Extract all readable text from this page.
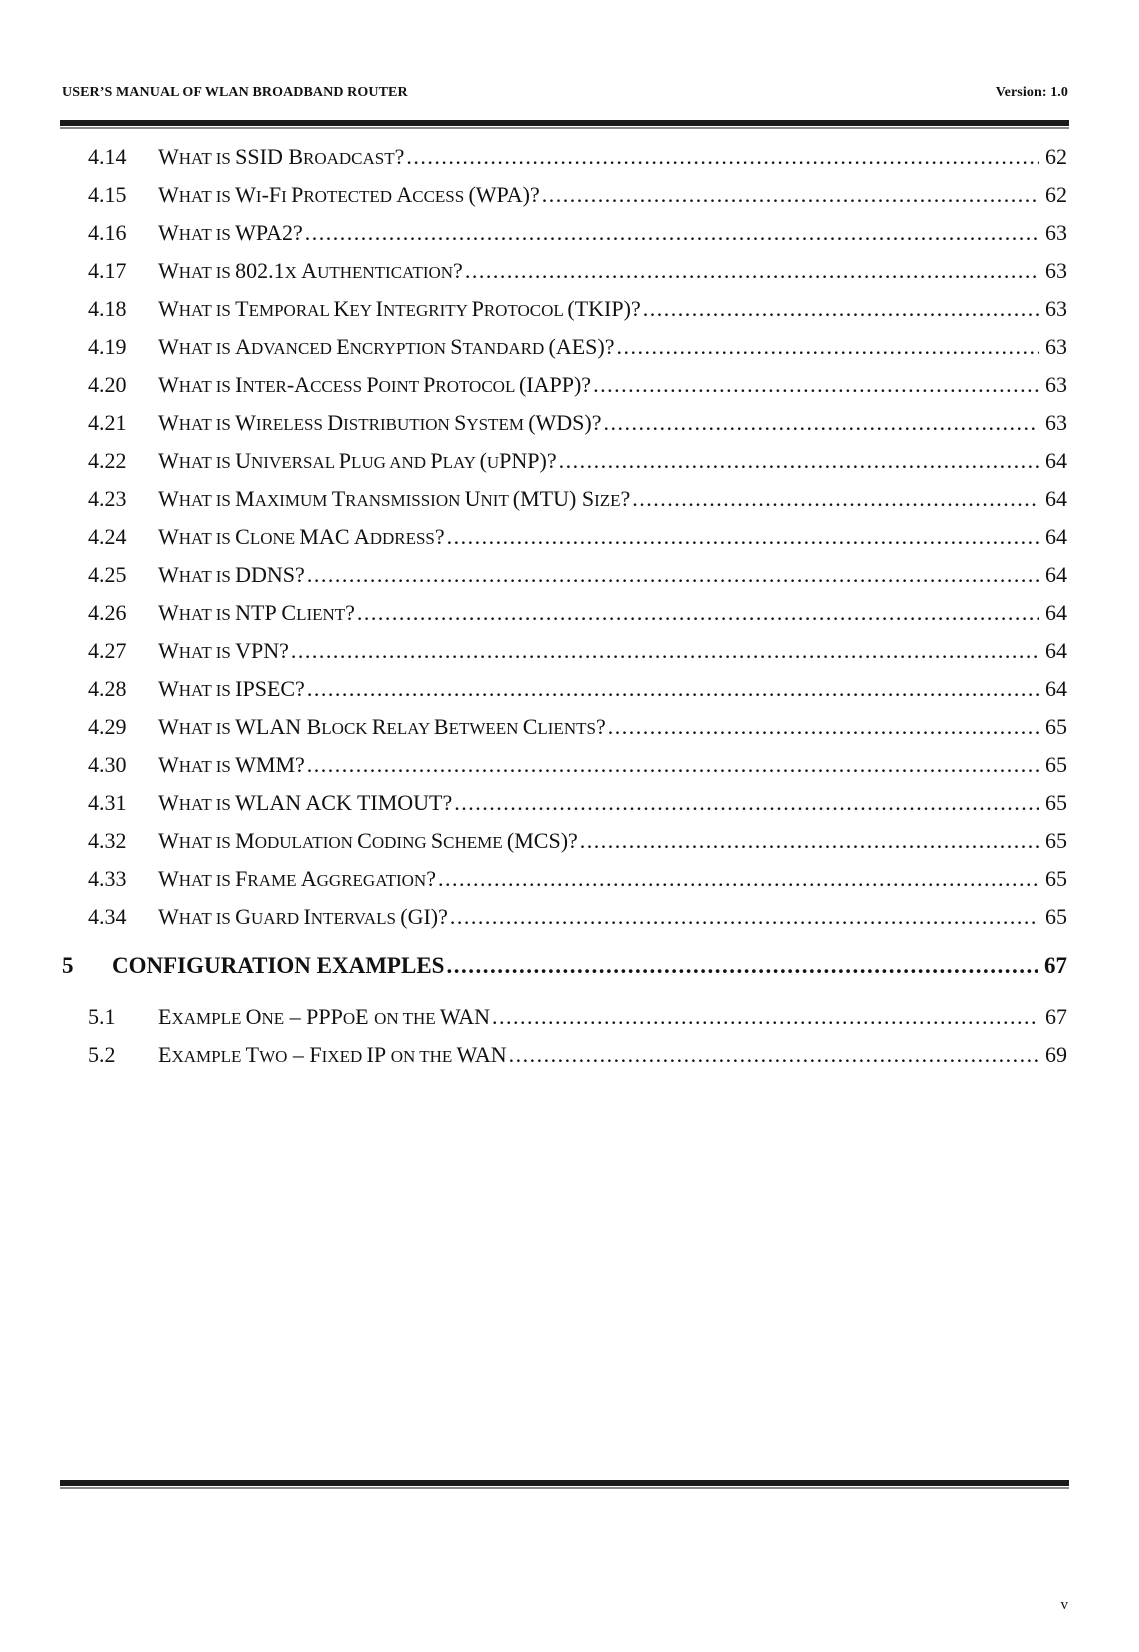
USER’S MANUAL OF WLAN BROADBAND ROUTER	Version: 1.0
4.14	WHAT IS SSID BROADCAST? .....	62
4.15	WHAT IS WI-FI PROTECTED ACCESS (WPA)? .....	62
4.16	WHAT IS WPA2? .....	63
4.17	WHAT IS 802.1X AUTHENTICATION? .....	63
4.18	WHAT IS TEMPORAL KEY INTEGRITY PROTOCOL (TKIP)? .....	63
4.19	WHAT IS ADVANCED ENCRYPTION STANDARD (AES)? .....	63
4.20	WHAT IS INTER-ACCESS POINT PROTOCOL (IAPP)? .....	63
4.21	WHAT IS WIRELESS DISTRIBUTION SYSTEM (WDS)? .....	63
4.22	WHAT IS UNIVERSAL PLUG AND PLAY (UPNP)? .....	64
4.23	WHAT IS MAXIMUM TRANSMISSION UNIT (MTU) SIZE? .....	64
4.24	WHAT IS CLONE MAC ADDRESS? .....	64
4.25	WHAT IS DDNS? .....	64
4.26	WHAT IS NTP CLIENT? .....	64
4.27	WHAT IS VPN? .....	64
4.28	WHAT IS IPSEC? .....	64
4.29	WHAT IS WLAN BLOCK RELAY BETWEEN CLIENTS? .....	65
4.30	WHAT IS WMM? .....	65
4.31	WHAT IS WLAN ACK TIMOUT? .....	65
4.32	WHAT IS MODULATION CODING SCHEME (MCS)? .....	65
4.33	WHAT IS FRAME AGGREGATION? .....	65
4.34	WHAT IS GUARD INTERVALS (GI)? .....	65
5	CONFIGURATION EXAMPLES .....	67
5.1	EXAMPLE ONE – PPPOE ON THE WAN .....	67
5.2	EXAMPLE TWO – FIXED IP ON THE WAN .....	69
v
